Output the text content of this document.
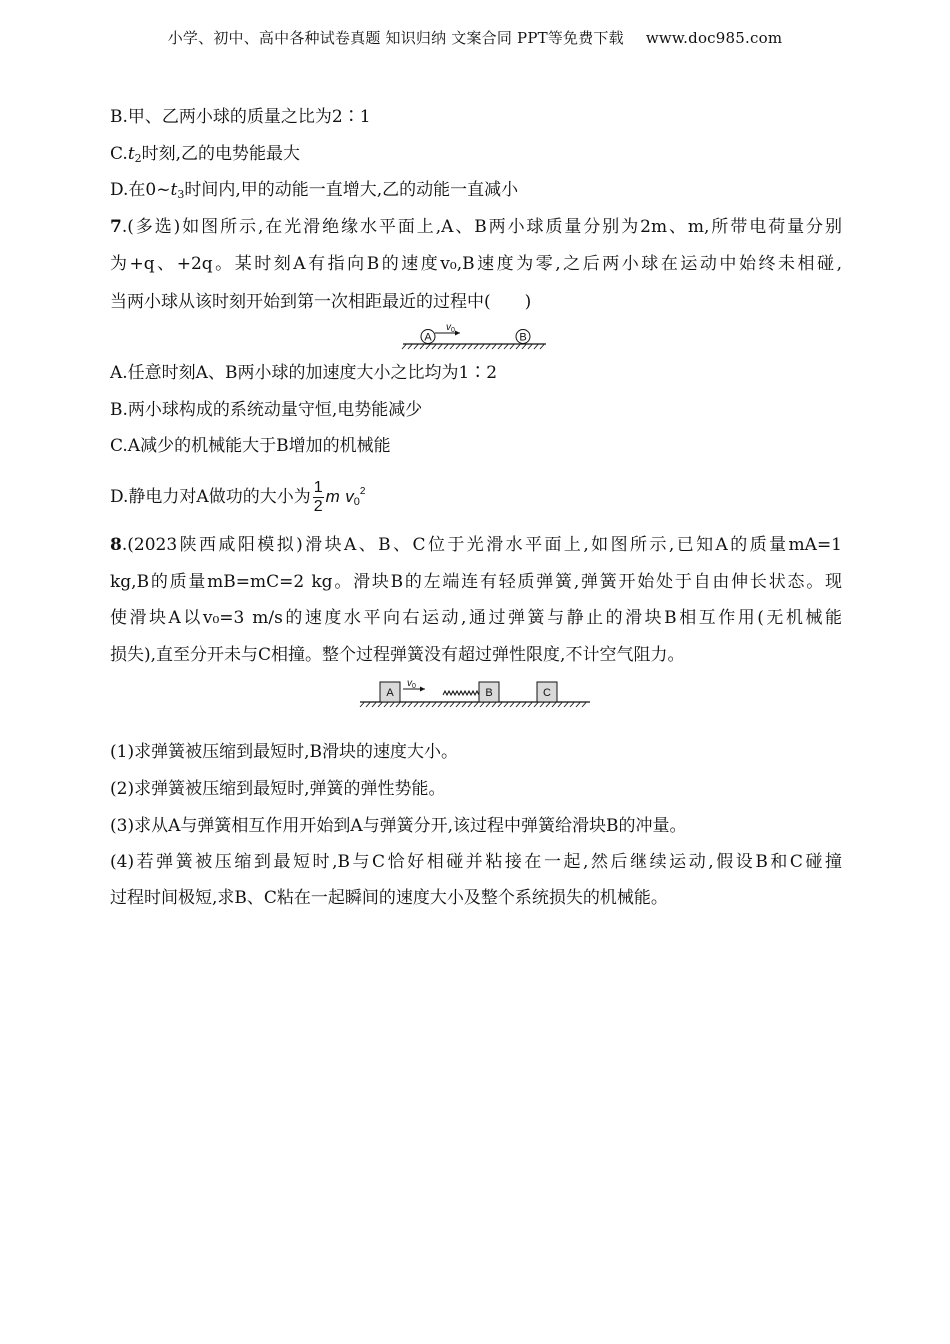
小学、初中、高中各种试卷真题 知识归纳 文案合同 PPT等免费下载 www.doc985.com
B.甲、乙两小球的质量之比为2∶1
$C.t_2$时刻,乙的电势能最大
D.在$0\sim t_3$时间内,甲的动能一直增大,乙的动能一直减小
7.(多选)如图所示,在光滑绝缘水平面上,A、B两小球质量分别为2m、m,所带电荷量分别
为+q、+2q。某时刻A有指向B的速度v₀,B速度为零,之后两小球在运动中始终未相碰,
当两小球从该时刻开始到第一次相距最近的过程中(　　)
A
$v_0$
B
A.任意时刻A、B两小球的加速度大小之比均为1∶2
B.两小球构成的系统动量守恒,电势能减少
C.A减少的机械能大于B增加的机械能
D.静电力对A做功的大小为 $\frac{1}{2}$ m $v_0^2$
8.(2023陕西咸阳模拟)滑块A、B、C位于光滑水平面上,如图所示,已知A的质量mA=1
kg,B的质量mB=mC=2 kg。滑块B的左端连有轻质弹簧,弹簧开始处于自由伸长状态。现
使滑块A以v₀=3 m/s的速度水平向右运动,通过弹簧与静止的滑块B相互作用(无机械能
损失),直至分开未与C相撞。整个过程弹簧没有超过弹性限度,不计空气阻力。
A
$v_0$
B	C
(1)求弹簧被压缩到最短时,B滑块的速度大小。
(2)求弹簧被压缩到最短时,弹簧的弹性势能。
(3)求从A与弹簧相互作用开始到A与弹簧分开,该过程中弹簧给滑块B的冲量。
(4)若弹簧被压缩到最短时,B与C恰好相碰并粘接在一起,然后继续运动,假设B和C碰撞
过程时间极短,求B、C粘在一起瞬间的速度大小及整个系统损失的机械能。
